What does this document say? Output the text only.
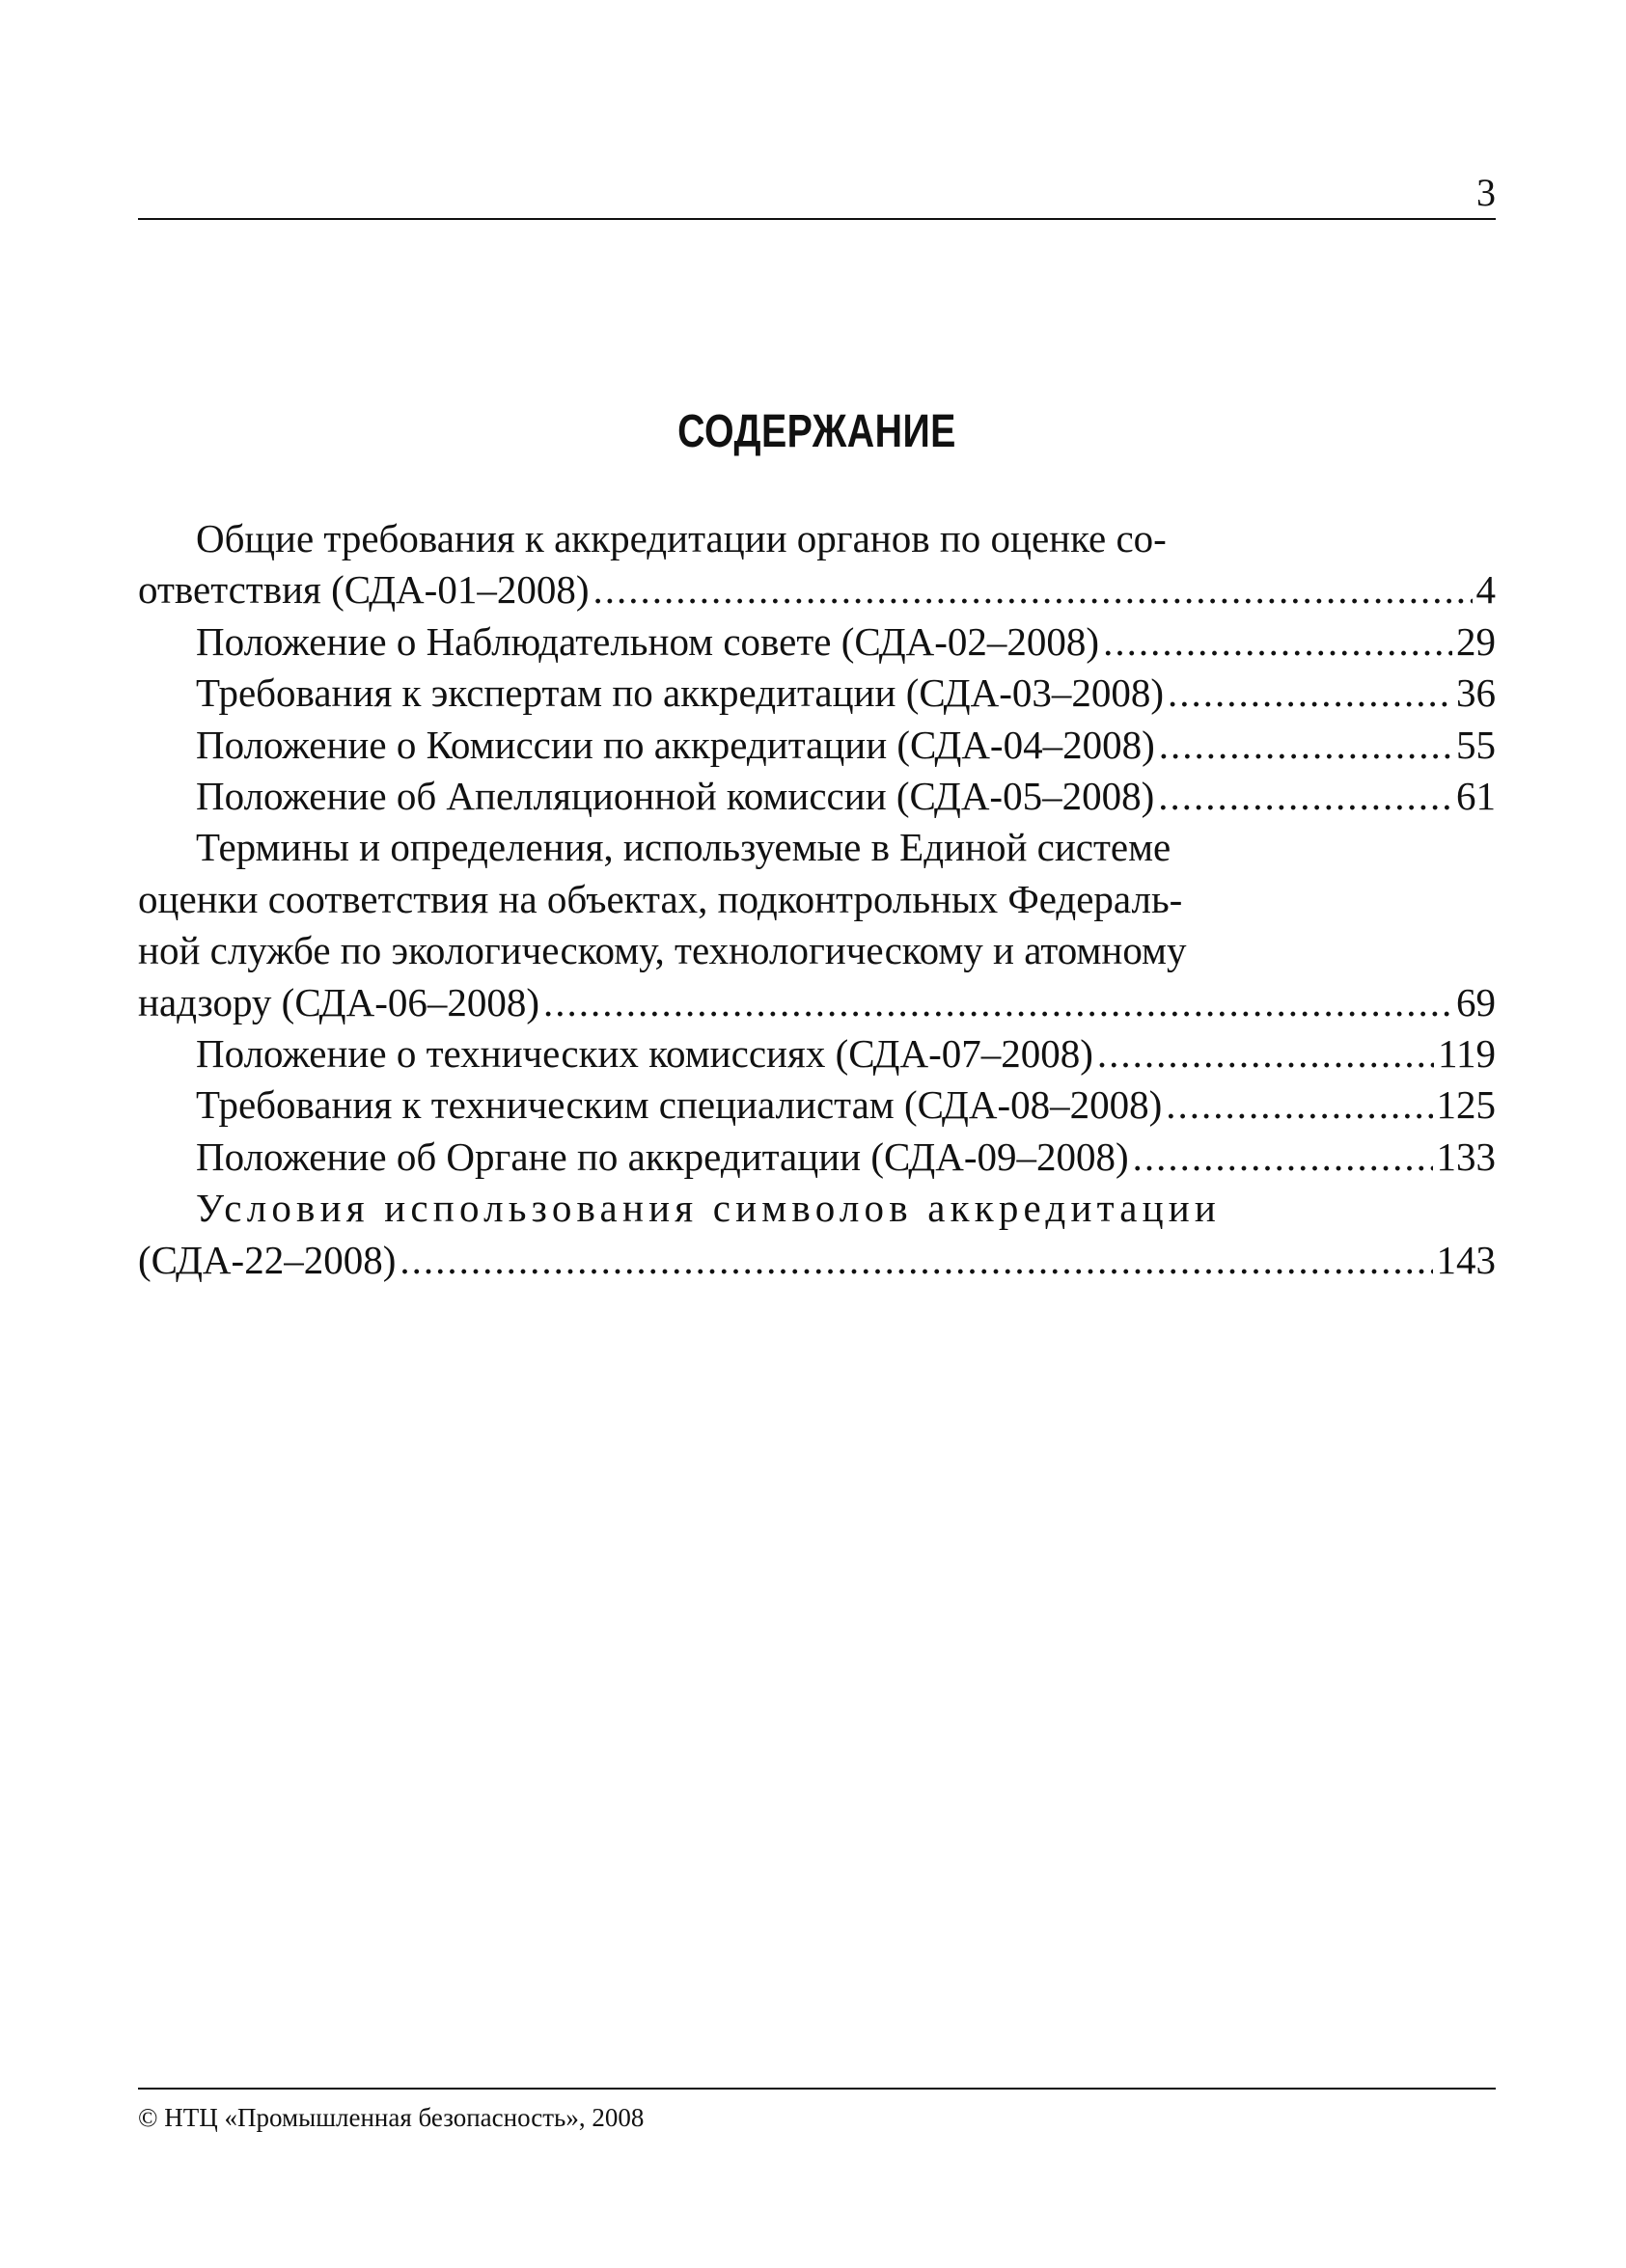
3
СОДЕРЖАНИЕ
Общие требования к аккредитации органов по оценке со-
ответствия (СДА-01–2008) .....	4
Положение о Наблюдательном совете (СДА-02–2008) .....	29
Требования к экспертам по аккредитации (СДА-03–2008) .....	36
Положение о Комиссии по аккредитации (СДА-04–2008) .....	55
Положение об Апелляционной комиссии (СДА-05–2008) .....	61
Термины и определения, используемые в Единой системе
оценки соответствия на объектах, подконтрольных Федераль-
ной службе по экологическому, технологическому и атомному
надзору (СДА-06–2008) .....	69
Положение о технических комиссиях (СДА-07–2008) .....	119
Требования к техническим специалистам (СДА-08–2008) .....	125
Положение об Органе по аккредитации (СДА-09–2008) .....	133
Условия использования символов аккредитации
(СДА-22–2008) .....	143
© НТЦ «Промышленная безопасность», 2008
